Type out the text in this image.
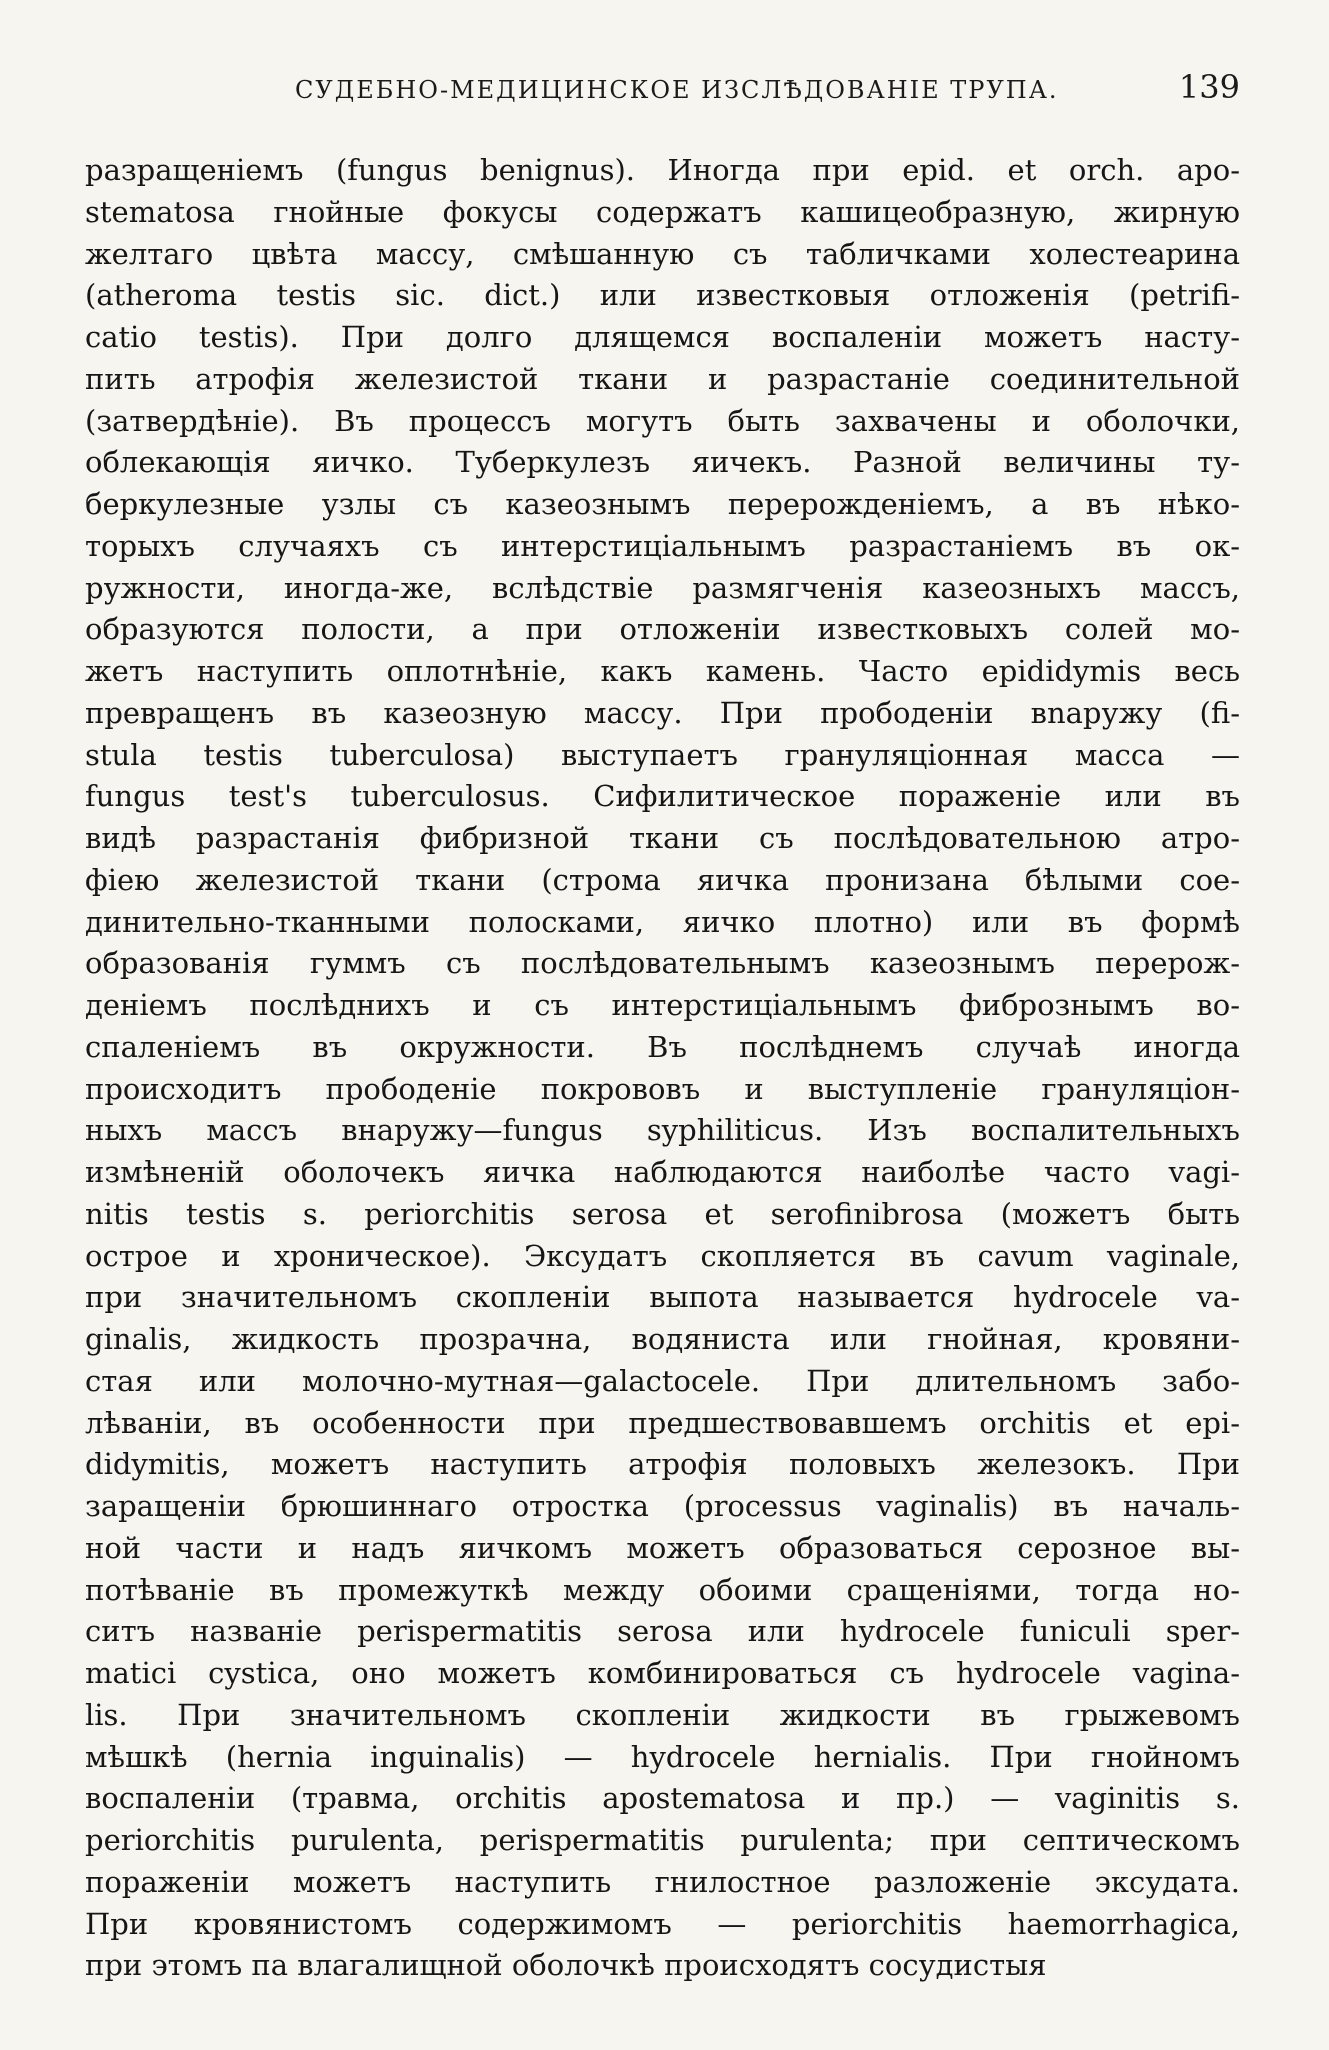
СУДЕБНО-МЕДИЦИНСКОЕ ИЗСЛѢДОВАНІЕ ТРУПА.	139
разращеніемъ (fungus benignus). Иногда при epid. et orch. apo-
stematosa гнойные фокусы содержатъ кашицеобразную, жирную
желтаго цвѣта массу, смѣшанную съ табличками холестеарина
(atheroma testis sic. dict.) или известковыя отложенія (petrifi-
catio testis). При долго длящемся воспаленіи можетъ насту-
пить атрофія железистой ткани и разрастаніе соединительной
(затвердѣніе). Въ процессъ могутъ быть захвачены и оболочки,
облекающія яичко. Туберкулезъ яичекъ. Разной величины ту-
беркулезные узлы съ казеознымъ перерожденіемъ, а въ нѣко-
торыхъ случаяхъ съ интерстиціальнымъ разрастаніемъ въ ок-
ружности, иногда-же, вслѣдствіе размягченія казеозныхъ массъ,
образуются полости, а при отложеніи известковыхъ солей мо-
жетъ наступить оплотнѣніе, какъ камень. Часто epididymis весь
превращенъ въ казеозную массу. При прободеніи вnаружу (fi-
stula testis tuberculosa) выступаетъ грануляціонная масса —
fungus test's tuberculosus. Сифилитическое пораженіе или въ
видѣ разрастанія фибризной ткани съ послѣдовательною атро-
фіею железистой ткани (строма яичка пронизана бѣлыми сое-
динительно-тканными полосками, яичко плотно) или въ формѣ
образованія гуммъ съ послѣдовательнымъ казеознымъ перерож-
деніемъ послѣднихъ и съ интерстиціальнымъ фибрознымъ во-
спаленіемъ въ окружности. Въ послѣднемъ случаѣ иногда
происходитъ прободеніе покрововъ и выступленіе грануляціон-
ныхъ массъ внаружу—fungus syphiliticus. Изъ воспалительныхъ
измѣненій оболочекъ яичка наблюдаются наиболѣе часто vagi-
nitis testis s. periorchitis serosa et serofinibrosa (можетъ быть
острое и хроническое). Эксудатъ скопляется въ cavum vaginale,
при значительномъ скопленіи выпота называется hydrocele va-
ginalis, жидкость прозрачна, водяниста или гнойная, кровяни-
стая или молочно-мутная—galactocele. При длительномъ забо-
лѣваніи, въ особенности при предшествовавшемъ orchitis et epi-
didymitis, можетъ наступить атрофія половыхъ железокъ. При
заращеніи брюшиннаго отростка (processus vaginalis) въ началь-
ной части и надъ яичкомъ можетъ образоваться серозное вы-
потѣваніе въ промежуткѣ между обоими сращеніями, тогда но-
ситъ названіе perispermatitis serosa или hydrocele funiculi sper-
matici cystica, оно можетъ комбинироваться съ hydrocele vagina-
lis. При значительномъ скопленіи жидкости въ грыжевомъ
мѣшкѣ (hernia inguinalis) — hydrocele hernialis. При гнойномъ
воспаленіи (травма, orchitis apostematosa и пр.) — vaginitis s.
periorchitis purulenta, perispermatitis purulenta; при септическомъ
пораженіи можетъ наступить гнилостное разложеніе эксудата.
При кровянистомъ содержимомъ — periorchitis haemorrhagica,
при этомъ па влагалищной оболочкѣ происходятъ сосудистыя
